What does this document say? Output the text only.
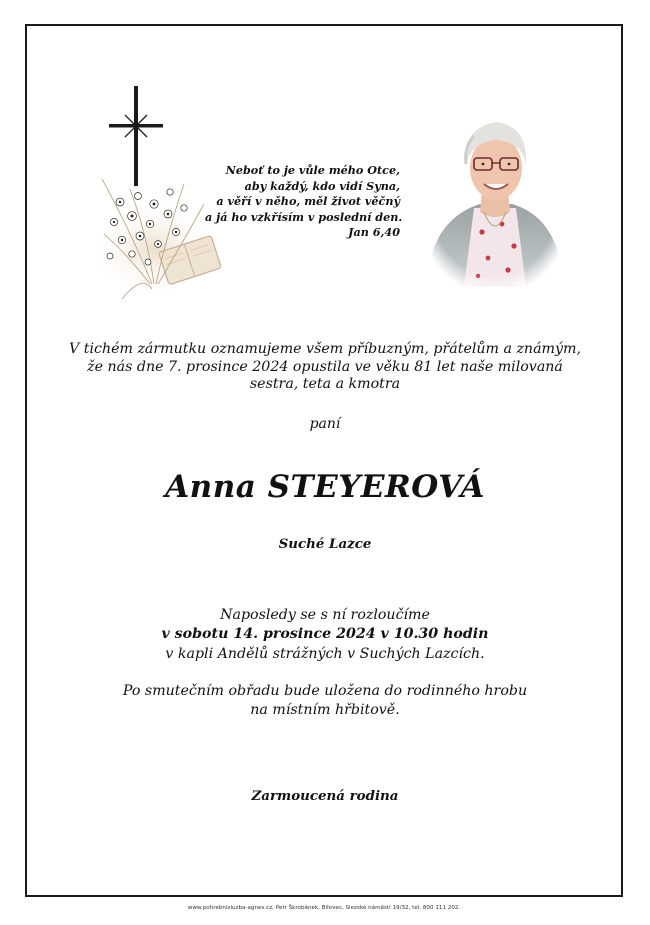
Neboť to je vůle mého Otce,
aby každý, kdo vidí Syna,
a věří v něho, měl život věčný
a já ho vzkřísím v poslední den.
Jan 6,40
V tichém zármutku oznamujeme všem příbuzným, přátelům a známým,
že nás dne 7. prosince 2024 opustila ve věku 81 let naše milovaná
sestra, teta a kmotra
paní
Anna STEYEROVÁ
Suché Lazce
Naposledy se s ní rozloučíme
v sobotu 14. prosince 2024 v 10.30 hodin
v kapli Andělů strážných v Suchých Lazcích.
Po smutečním obřadu bude uložena do rodinného hrobu
na místním hřbitově.
Zarmoucená rodina
www.pohrebnisluzba-agnes.cz, Petr Škrobánek, Bílovec, Slezské náměstí 19/32, tel. 800 111 202.
